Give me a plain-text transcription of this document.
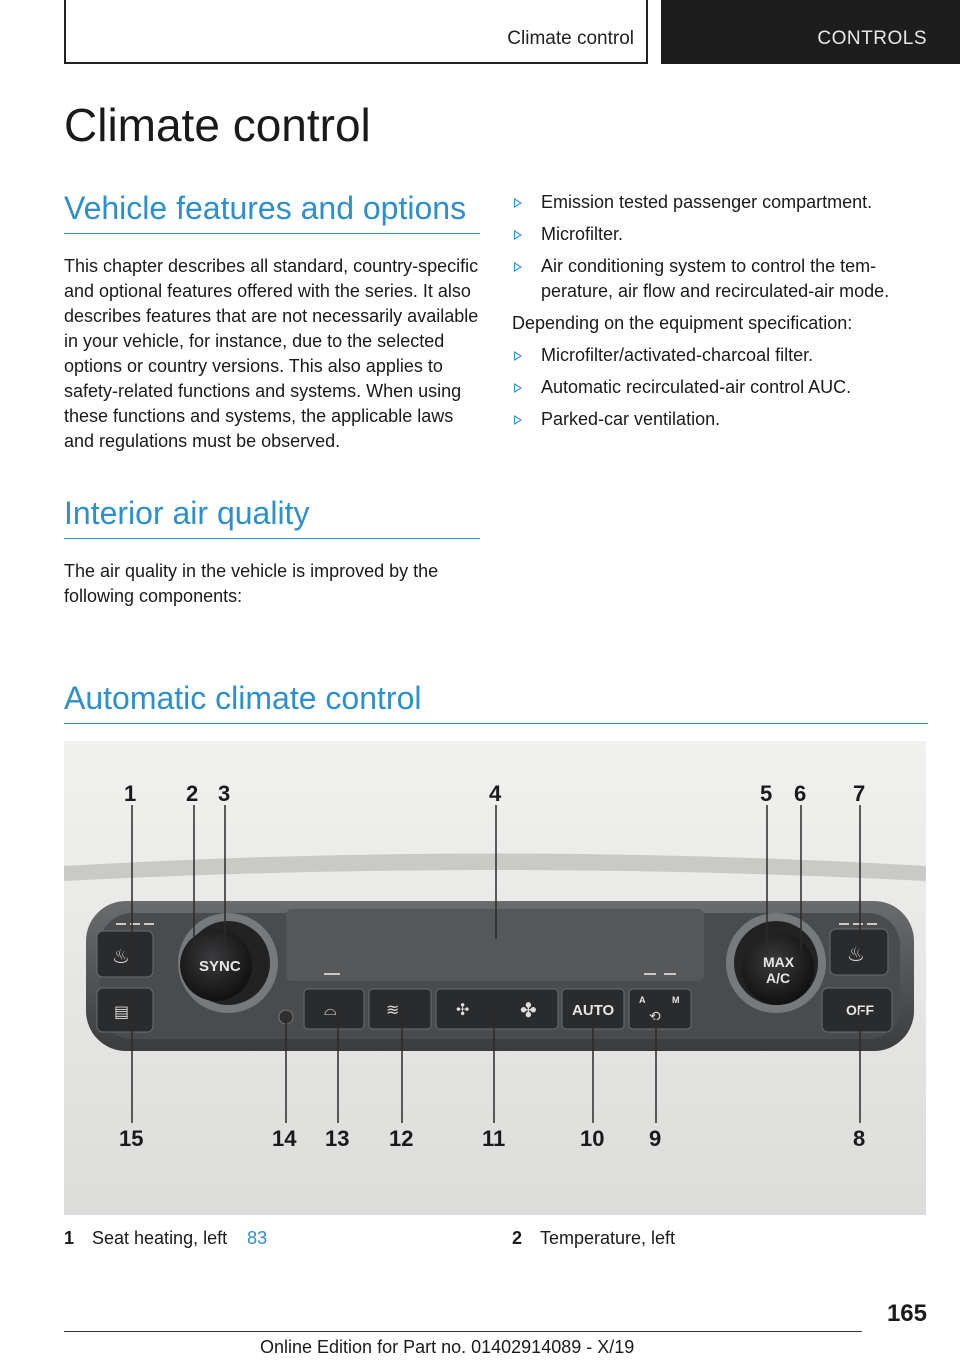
Climate control	CONTROLS
Climate control
Vehicle features and options

This chapter describes all standard, country-specific and optional features offered with the series. It also describes features that are not necessarily available in your vehicle, for instance, due to the selected options or country versions. This also applies to safety-related functions and systems. When using these functions and systems, the applicable laws and regulations must be observed.

Interior air quality

The air quality in the vehicle is improved by the following components:

Emission tested passenger compartment.
Microfilter.
Air conditioning system to control the temperature, air flow and recirculated-air mode.

Depending on the equipment specification:

Microfilter/activated-charcoal filter.
Automatic recirculated-air control AUC.
Parked-car ventilation.
Automatic climate control
♨
▤
SYNC
⌓	≋	✣	✤ AUTO
A	M
⟲
MAX
A/C
♨
OFF
1 2 3	4	5 6 7
15	14 13 12	11	10 9	8
1 Seat heating, left 83	2 Temperature, left
165
Online Edition for Part no. 01402914089 - X/19
